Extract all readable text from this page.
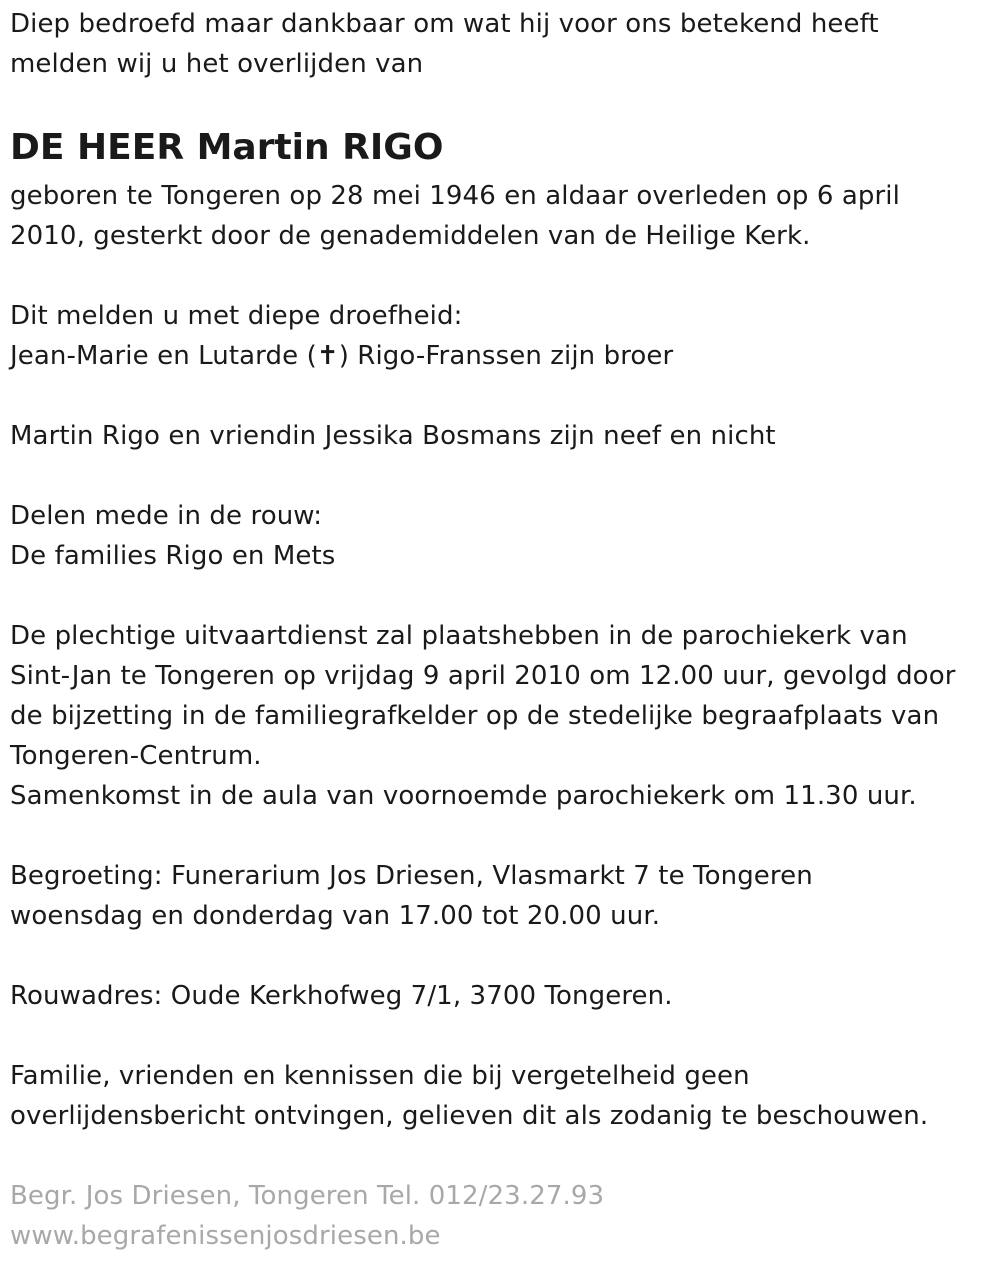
Diep bedroefd maar dankbaar om wat hij voor ons betekend heeft
melden wij u het overlijden van
DE HEER Martin RIGO
geboren te Tongeren op 28 mei 1946 en aldaar overleden op 6 april
2010, gesterkt door de genademiddelen van de Heilige Kerk.
Dit melden u met diepe droefheid:
Jean-Marie en Lutarde (✝) Rigo-Franssen zijn broer
Martin Rigo en vriendin Jessika Bosmans zijn neef en nicht
Delen mede in de rouw:
De families Rigo en Mets
De plechtige uitvaartdienst zal plaatshebben in de parochiekerk van
Sint-Jan te Tongeren op vrijdag 9 april 2010 om 12.00 uur, gevolgd door
de bijzetting in de familiegrafkelder op de stedelijke begraafplaats van
Tongeren-Centrum.
Samenkomst in de aula van voornoemde parochiekerk om 11.30 uur.
Begroeting: Funerarium Jos Driesen, Vlasmarkt 7 te Tongeren
woensdag en donderdag van 17.00 tot 20.00 uur.
Rouwadres: Oude Kerkhofweg 7/1, 3700 Tongeren.
Familie, vrienden en kennissen die bij vergetelheid geen
overlijdensbericht ontvingen, gelieven dit als zodanig te beschouwen.
Begr. Jos Driesen, Tongeren Tel. 012/23.27.93
www.begrafenissenjosdriesen.be
